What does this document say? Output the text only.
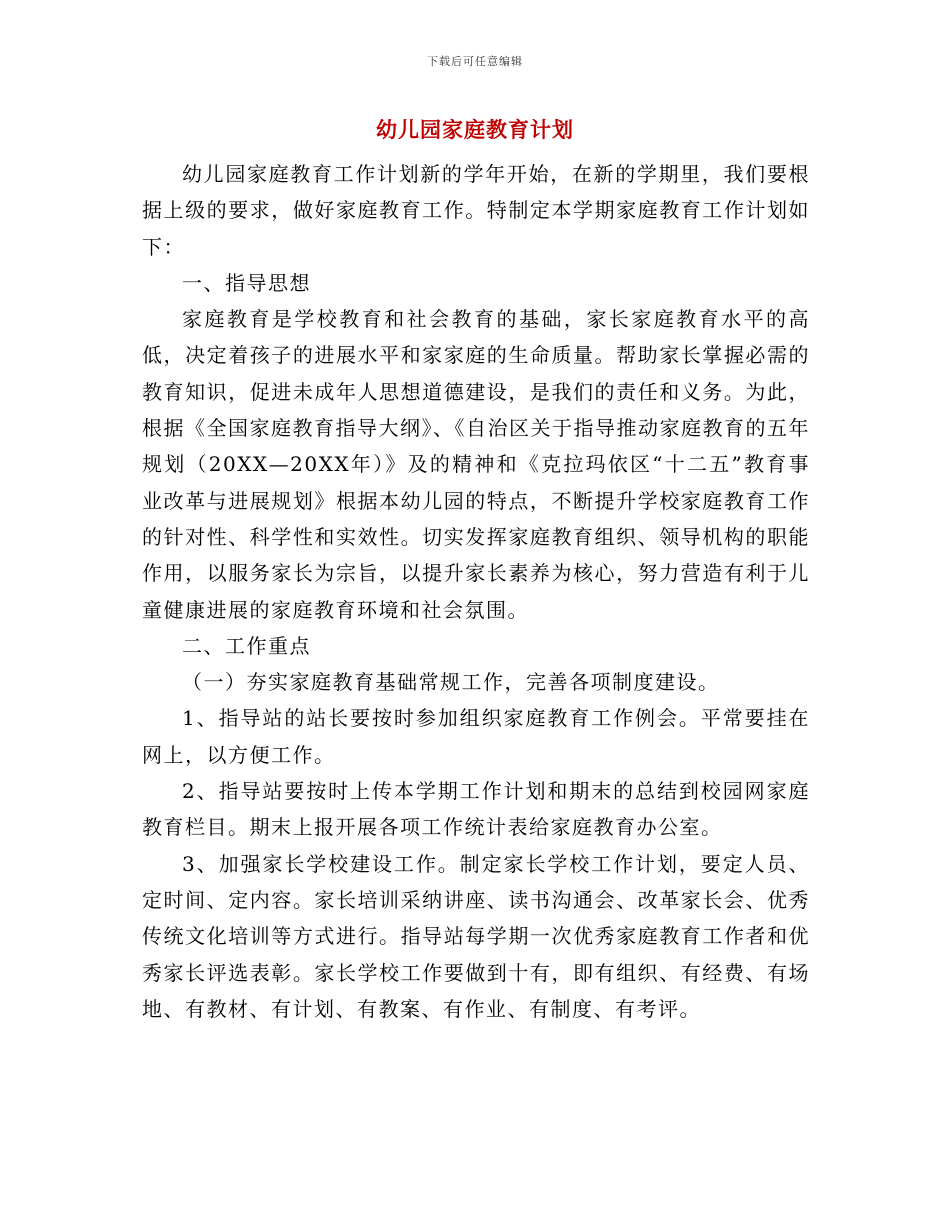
下载后可任意编辑
幼儿园家庭教育计划

幼儿园家庭教育工作计划新的学年开始，在新的学期里，我们要根据上级的要求，做好家庭教育工作。特制定本学期家庭教育工作计划如下：

一、指导思想

家庭教育是学校教育和社会教育的基础，家长家庭教育水平的高低，决定着孩子的进展水平和家家庭的生命质量。帮助家长掌握必需的教育知识，促进未成年人思想道德建设，是我们的责任和义务。为此，根据《全国家庭教育指导大纲》、《自治区关于指导推动家庭教育的五年规划（20XX—20XX年）》及的精神和《克拉玛依区“十二五”教育事业改革与进展规划》根据本幼儿园的特点，不断提升学校家庭教育工作的针对性、科学性和实效性。切实发挥家庭教育组织、领导机构的职能作用，以服务家长为宗旨，以提升家长素养为核心，努力营造有利于儿童健康进展的家庭教育环境和社会氛围。

二、工作重点

（一）夯实家庭教育基础常规工作，完善各项制度建设。

1、指导站的站长要按时参加组织家庭教育工作例会。平常要挂在网上，以方便工作。

2、指导站要按时上传本学期工作计划和期末的总结到校园网家庭教育栏目。期末上报开展各项工作统计表给家庭教育办公室。

3、加强家长学校建设工作。制定家长学校工作计划，要定人员、定时间、定内容。家长培训采纳讲座、读书沟通会、改革家长会、优秀传统文化培训等方式进行。指导站每学期一次优秀家庭教育工作者和优秀家长评选表彰。家长学校工作要做到十有，即有组织、有经费、有场地、有教材、有计划、有教案、有作业、有制度、有考评。
